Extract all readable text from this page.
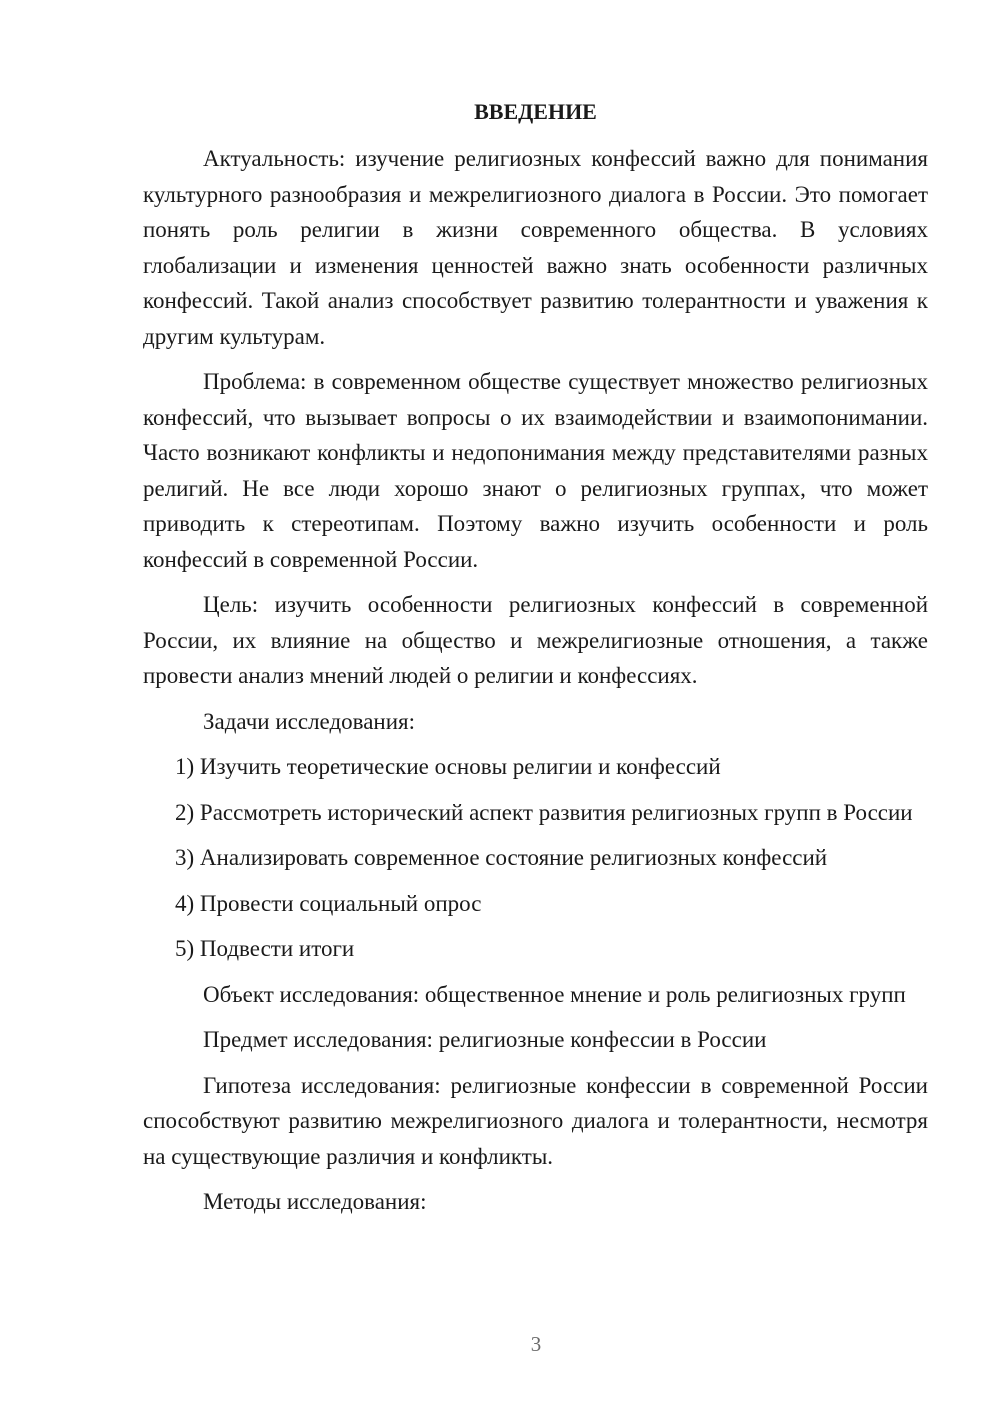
ВВЕДЕНИЕ

Актуальность: изучение религиозных конфессий важно для понимания культурного разнообразия и межрелигиозного диалога в России. Это помогает понять роль религии в жизни современного общества. В условиях глобализации и изменения ценностей важно знать особенности различных конфессий. Такой анализ способствует развитию толерантности и уважения к другим культурам.

Проблема: в современном обществе существует множество религиозных конфессий, что вызывает вопросы о их взаимодействии и взаимопонимании. Часто возникают конфликты и недопонимания между представителями разных религий. Не все люди хорошо знают о религиозных группах, что может приводить к стереотипам. Поэтому важно изучить особенности и роль конфессий в современной России.

Цель: изучить особенности религиозных конфессий в современной России, их влияние на общество и межрелигиозные отношения, а также провести анализ мнений людей о религии и конфессиях.

Задачи исследования:

1) Изучить теоретические основы религии и конфессий

2) Рассмотреть исторический аспект развития религиозных групп в России

3) Анализировать современное состояние религиозных конфессий

4) Провести социальный опрос

5) Подвести итоги

Объект исследования: общественное мнение и роль религиозных групп

Предмет исследования: религиозные конфессии в России

Гипотеза исследования: религиозные конфессии в современной России способствуют развитию межрелигиозного диалога и толерантности, несмотря на существующие различия и конфликты.

Методы исследования:

3
